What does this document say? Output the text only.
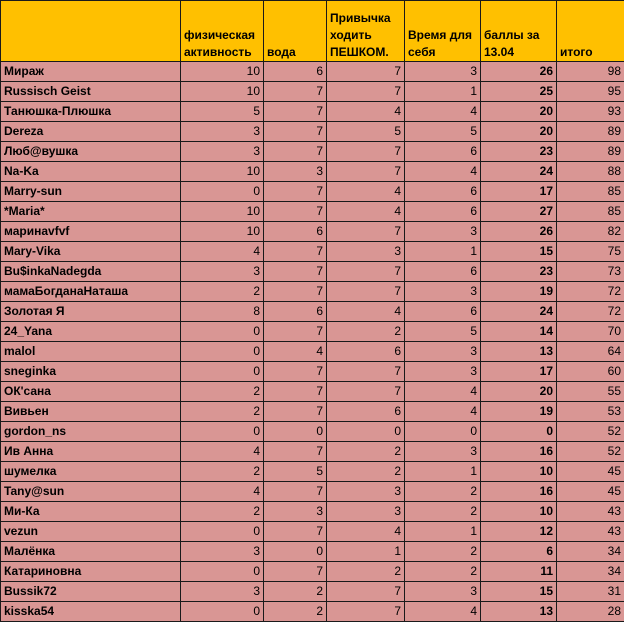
	физическая активность	вода	Привычка ходить ПЕШКОМ.	Время для себя	баллы за 13.04	итого
Мираж	10	6	7	3	26	98
Russisch Geist	10	7	7	1	25	95
Танюшка-Плюшка	5	7	4	4	20	93
Dereza	3	7	5	5	20	89
Люб@вушка	3	7	7	6	23	89
Na-Ka	10	3	7	4	24	88
Marry-sun	0	7	4	6	17	85
*Maria*	10	7	4	6	27	85
маринаvfvf	10	6	7	3	26	82
Mary-Vika	4	7	3	1	15	75
Bu$inkaNadegda	3	7	7	6	23	73
мамаБогданаНаташа	2	7	7	3	19	72
Золотая Я	8	6	4	6	24	72
24_Yana	0	7	2	5	14	70
malol	0	4	6	3	13	64
sneginka	0	7	7	3	17	60
ОК'сана	2	7	7	4	20	55
Вивьен	2	7	6	4	19	53
gordon_ns	0	0	0	0	0	52
Ив Анна	4	7	2	3	16	52
шумелка	2	5	2	1	10	45
Tany@sun	4	7	3	2	16	45
Ми-Ка	2	3	3	2	10	43
vezun	0	7	4	1	12	43
Малёнка	3	0	1	2	6	34
Катариновна	0	7	2	2	11	34
Bussik72	3	2	7	3	15	31
kisska54	0	2	7	4	13	28
